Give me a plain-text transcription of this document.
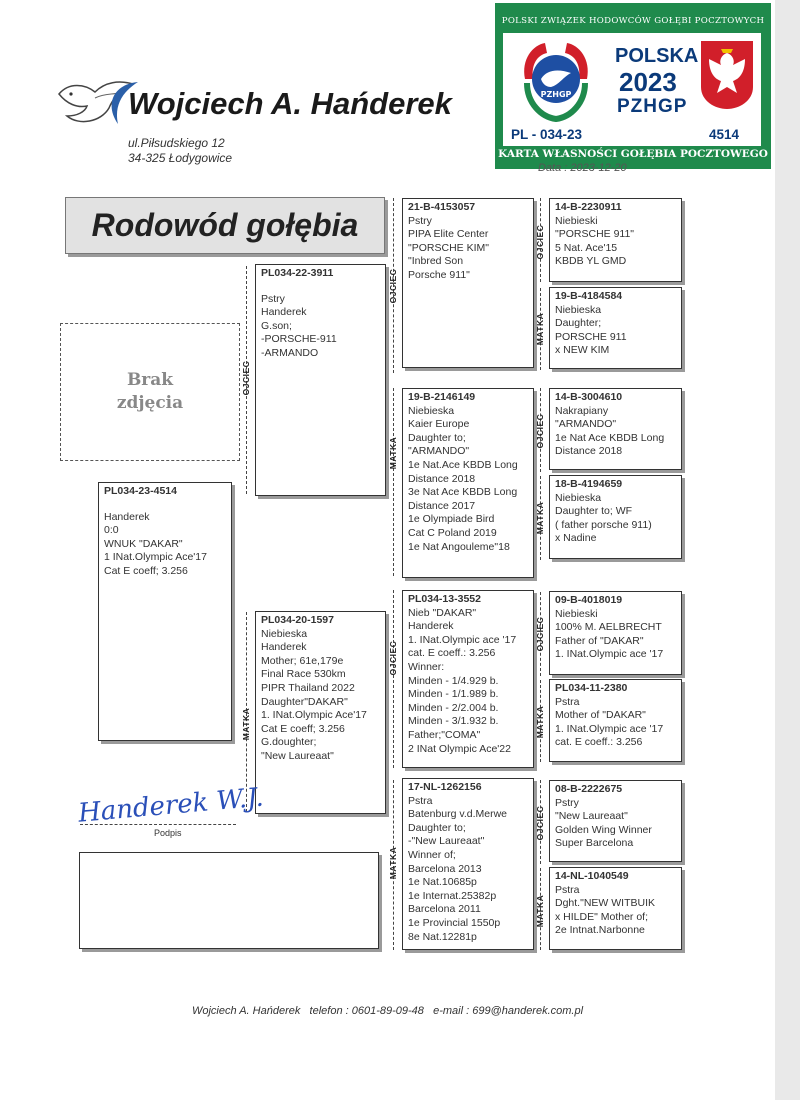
Wojciech A. Hańderek
ul.Piłsudskiego 12
34-325 Łodygowice
POLSKI ZWIĄZEK HODOWCÓW GOŁĘBI POCZTOWYCH
PZHGP
POLSKA
2023
PZHGP
PL - 034-23	4514
KARTA WŁASNOŚCI GOŁĘBIA POCZTOWEGO
Data : 2023-12-20
Rodowód gołębia
Brak
zdjęcia
OJCIEC
MATKA
OJCIEC
MATKA
OJCIEC
MATKA
OJCIEC
MATKA
OJCIEC
MATKA
OJCIEC
MATKA
OJCIEC
MATKA
PL034-23-4514
Handerek
0:0
WNUK "DAKAR"
1 INat.Olympic Ace'17
Cat E coeff; 3.256
PL034-22-3911
Pstry
Handerek
G.son;
-PORSCHE-911
-ARMANDO
PL034-20-1597
Niebieska
Handerek
Mother; 61e,179e
Final Race 530km
PIPR Thailand 2022
Daughter"DAKAR"
1. INat.Olympic Ace'17
Cat E coeff; 3.256
G.doughter;
"New Laureaat"
21-B-4153057
Pstry
PIPA Elite Center
"PORSCHE KIM"
"Inbred Son
Porsche 911"
19-B-2146149
Niebieska
Kaier Europe
Daughter to;
"ARMANDO"
1e Nat.Ace KBDB Long
Distance 2018
3e Nat Ace KBDB Long
Distance 2017
1e Olympiade Bird
Cat C Poland 2019
1e Nat Angouleme"18
PL034-13-3552
Nieb "DAKAR"
Handerek
1. INat.Olympic ace '17
cat. E coeff.: 3.256
Winner:
Minden - 1/4.929 b.
Minden - 1/1.989 b.
Minden - 2/2.004 b.
Minden - 3/1.932 b.
Father;"COMA"
2 INat Olympic Ace'22
17-NL-1262156
Pstra
Batenburg v.d.Merwe
Daughter to;
-"New Laureaat"
Winner of;
Barcelona 2013
1e Nat.10685p
1e Internat.25382p
Barcelona 2011
1e Provincial 1550p
8e Nat.12281p
14-B-2230911
Niebieski
"PORSCHE 911"
5 Nat. Ace'15
KBDB YL GMD
19-B-4184584
Niebieska
Daughter;
PORSCHE 911
x NEW KIM
14-B-3004610
Nakrapiany
"ARMANDO"
1e Nat Ace KBDB Long
Distance 2018
18-B-4194659
Niebieska
Daughter to; WF
( father porsche 911)
x Nadine
09-B-4018019
Niebieski
100% M. AELBRECHT
Father of "DAKAR"
1. INat.Olympic ace '17
PL034-11-2380
Pstra
Mother of "DAKAR"
1. INat.Olympic ace '17
cat. E coeff.: 3.256
08-B-2222675
Pstry
"New Laureaat"
Golden Wing Winner
Super Barcelona
14-NL-1040549
Pstra
Dght."NEW WITBUIK
x HILDE" Mother of;
2e Intnat.Narbonne
Handerek W.J.
Podpis
Wojciech A. Hańderek telefon : 0601-89-09-48 e-mail : 699@handerek.com.pl
